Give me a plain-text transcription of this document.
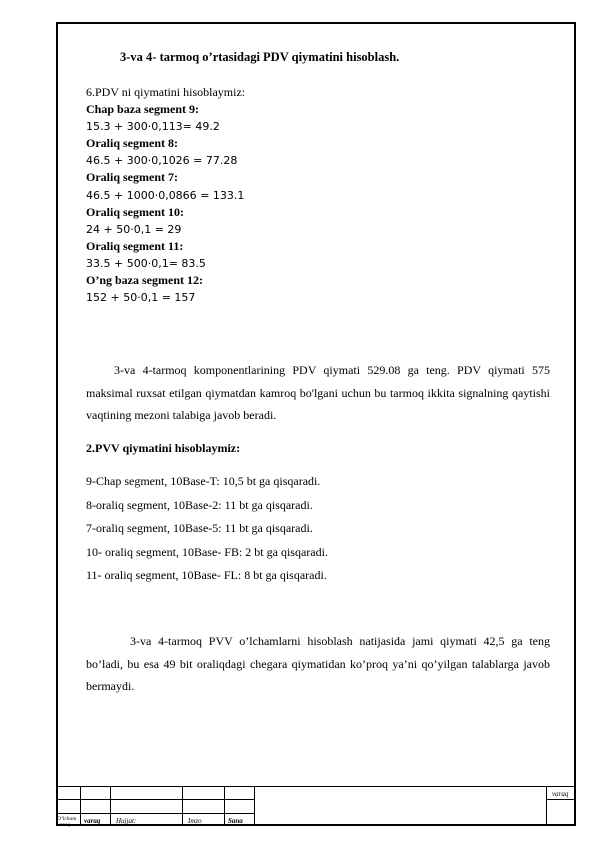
3-va 4- tarmoq o’rtasidagi PDV qiymatini hisoblash.
6.PDV ni qiymatini hisoblaymiz:
Chap baza segment 9:
15.3 + 300·0,113= 49.2
Oraliq segment 8:
46.5 + 300·0,1026 = 77.28
Oraliq segment 7:
46.5 + 1000·0,0866 = 133.1
Oraliq segment 10:
24 + 50·0,1 = 29
Oraliq segment 11:
33.5 + 500·0,1= 83.5
O’ng baza segment 12:
152 + 50·0,1 = 157
3-va 4-tarmoq komponentlarining PDV qiymati 529.08 ga teng. PDV qiymati 575 maksimal ruxsat etilgan qiymatdan kamroq bo'lgani uchun bu tarmoq ikkita signalning qaytishi vaqtining mezoni talabiga javob beradi.
2.PVV qiymatini hisoblaymiz:
9-Chap segment, 10Base-T: 10,5 bt ga qisqaradi.
8-oraliq segment, 10Base-2: 11 bt ga qisqaradi.
7-oraliq segment, 10Base-5: 11 bt ga qisqaradi.
10- oraliq segment, 10Base- FB: 2 bt ga qisqaradi.
11- oraliq segment, 10Base- FL: 8 bt ga qisqaradi.
3-va 4-tarmoq PVV o’lchamlarni hisoblash natijasida jami qiymati 42,5 ga teng bo’ladi, bu esa 49 bit oraliqdagi chegara qiymatidan ko’proq ya’ni qo’yilgan talablarga javob bermaydi.
O’lcham
varaq	varaq Hujjat:	Imzo	Sana
varaq
